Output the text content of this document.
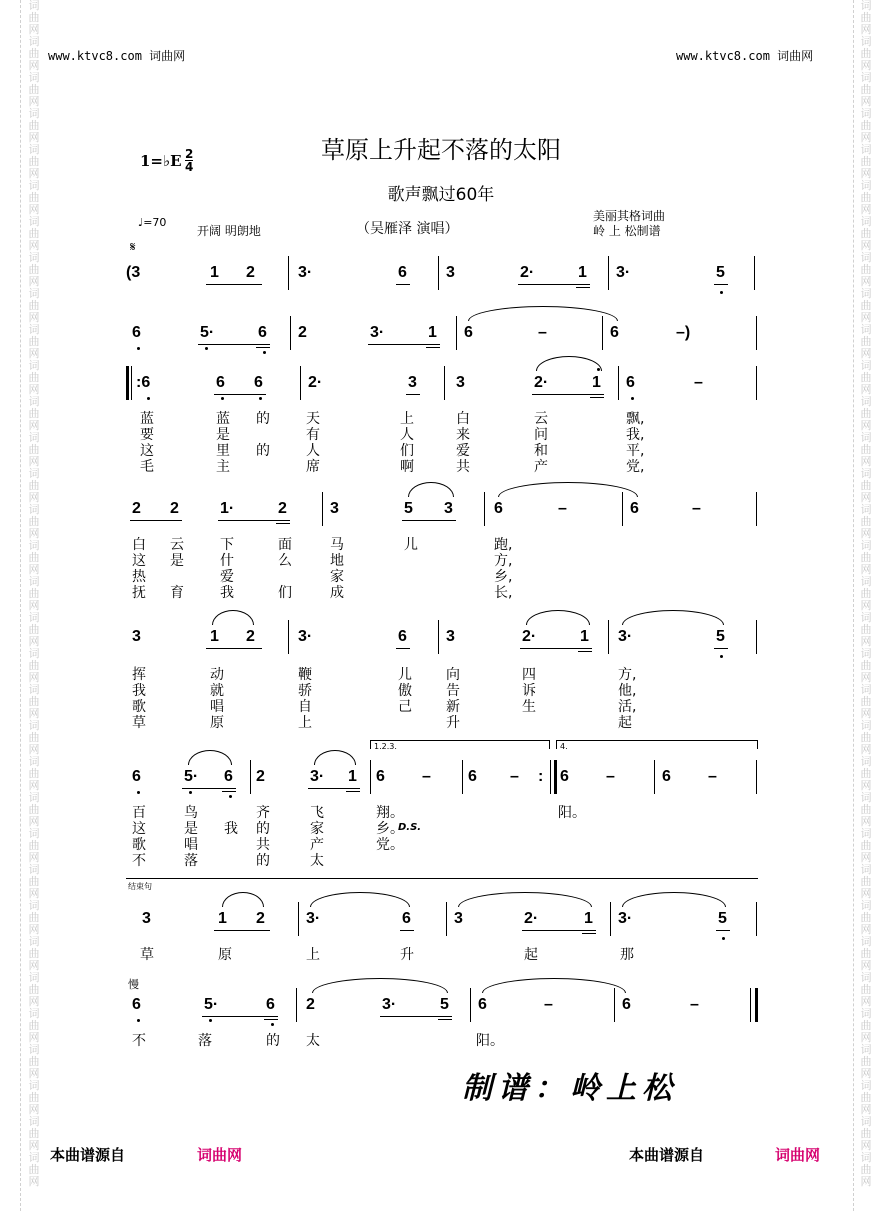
词
曲
网
词
曲
网
词
曲
网
词
曲
网
词
曲
网
词
曲
网
词
曲
网
词
曲
网
词
曲
网
词
曲
网
词
曲
网
词
曲
网
词
曲
网
词
曲
网
词
曲
网
词
曲
网
词
曲
网
词
曲
网
词
曲
网
词
曲
网
词
曲
网
词
曲
网
词
曲
网
词
曲
网
词
曲
网
词
曲
网
词
曲
网
词
曲
网
词
曲
网
词
曲
网
词
曲
网
词
曲
网
词
曲
网
词
曲
网
词
曲
网
词
曲
网
词
曲
网
词
曲
网
词
曲
网
词
曲
网
词
曲
网
词
曲
网
词
曲
网
词
曲
网
词
曲
网
词
曲
网
词
曲
网
词
曲
网
词
曲
网
词
曲
网
词
曲
网
词
曲
网
词
曲
网
词
曲
网
词
曲
网
词
曲
网
词
曲
网
词
曲
网
词
曲
网
词
曲
网
词
曲
网
词
曲
网
词
曲
网
词
曲
网
词
曲
网
词
曲
网
www.ktvc8.com 词曲网	www.ktvc8.com 词曲网
草原上升起不落的太阳
歌声飘过60年
1=♭E $\frac{2}{4}$
♩=70
开阔 明朗地	（吴雁泽 演唱）
美丽其格词曲
岭 上 松制谱
𝄋
(3	1 2	3·	6 3	2·	1 3·	5
6	5·	6 2	3·	1 6	–	6	–)
:6	6 6	2·	3 3	2·	1 6	–
蓝	蓝 的	天	上	白	云	飘,
要	是	有	人	来	问	我,
这	里 的	人	们	爱	和	平,
毛	主	席	啊	共	产	党,
2 2	1·	2	3	5 3	6	–	6	–
白 云	下	面	马	儿	跑,
这 是	什	么	地	方,
热	爱	家	乡,
抚 育	我	们	成	长,
3	1 2	3·	6 3	2·	1 3·	5
挥	动	鞭	儿 向	四	方,
我	就	骄	傲 告	诉	他,
歌	唱	自	己 新	生	活,
草	原	上	升	起
1.2.3.	4.
6	5· 6 2	3· 1 6 – 6 – : 6 –	6 –
百	鸟	齐	飞	翔。	阳。
这	是 我 的	家	乡。
D.S.
歌	唱	共	产	党。
不	落	的	太
结束句
3	1 2	3·	6	3	2·	1 3·	5
草	原	上	升	起	那
慢
6	5·	6 2	3·	5 6	–	6	–
不	落	的 太	阳。
制谱：岭上松
本曲谱源自	词曲网	本曲谱源自	词曲网
